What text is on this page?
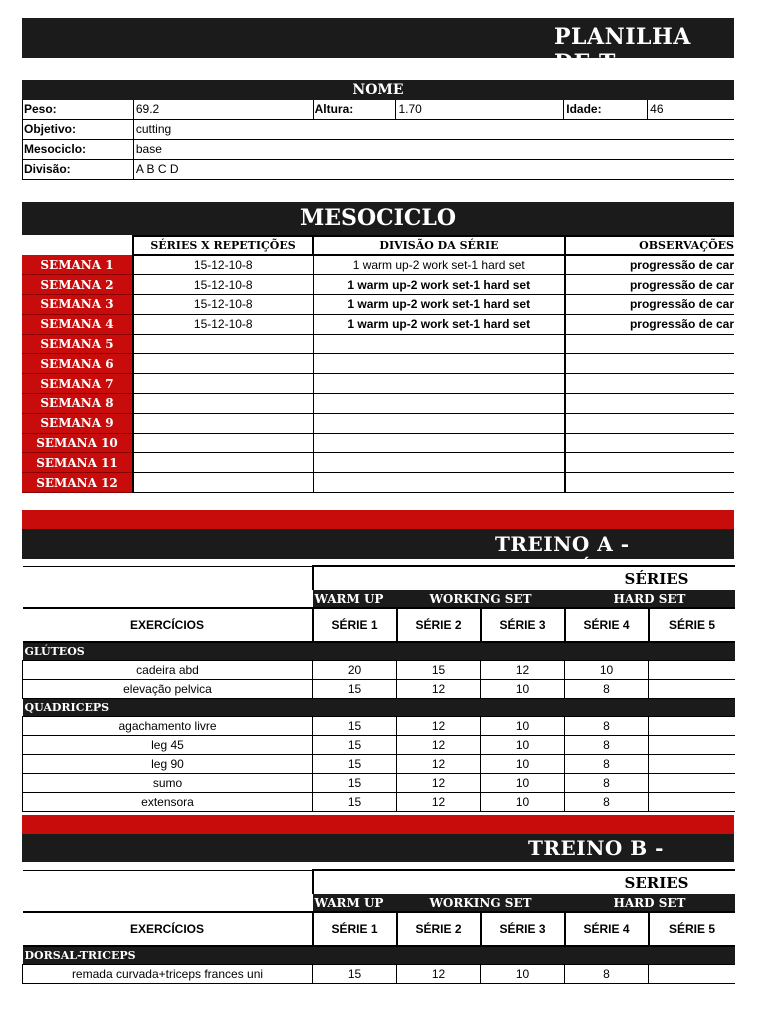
PLANILHA DE T
NOME
Peso:	69.2	Altura:	1.70	Idade:	46
Objetivo:	cutting
Mesociclo:	base
Divisão:	A B C D
MESOCICLO
	SÉRIES X REPETIÇÕES	DIVISÃO DA SÉRIE	OBSERVAÇÕES
SEMANA 1	15-12-10-8	1 warm up-2 work set-1 hard set	progressão de car
SEMANA 2	15-12-10-8	1 warm up-2 work set-1 hard set	progressão de car
SEMANA 3	15-12-10-8	1 warm up-2 work set-1 hard set	progressão de car
SEMANA 4	15-12-10-8	1 warm up-2 work set-1 hard set	progressão de car
SEMANA 5			
SEMANA 6			
SEMANA 7			
SEMANA 8			
SEMANA 9			
SEMANA 10			
SEMANA 11			
SEMANA 12			
TREINO A - QUADRÍCEP
	SÉRIES				
	WARM UP	WORKING SET		HARD SET	
EXERCÍCIOS	SÉRIE 1	SÉRIE 2	SÉRIE 3	SÉRIE 4	SÉRIE 5
GLÚTEOS					
cadeira abd	20	15	12	10	
elevação pelvica	15	12	10	8	
QUADRICEPS					
agachamento livre	15	12	10	8	
leg 45	15	12	10	8	
leg 90	15	12	10	8	
sumo	15	12	10	8	
extensora	15	12	10	8	
TREINO B - DORSAL
	SERIES				
	WARM UP	WORKING SET		HARD SET	
EXERCÍCIOS	SÉRIE 1	SÉRIE 2	SÉRIE 3	SÉRIE 4	SÉRIE 5
DORSAL-TRICEPS					
remada curvada+triceps frances uni	15	12	10	8	
